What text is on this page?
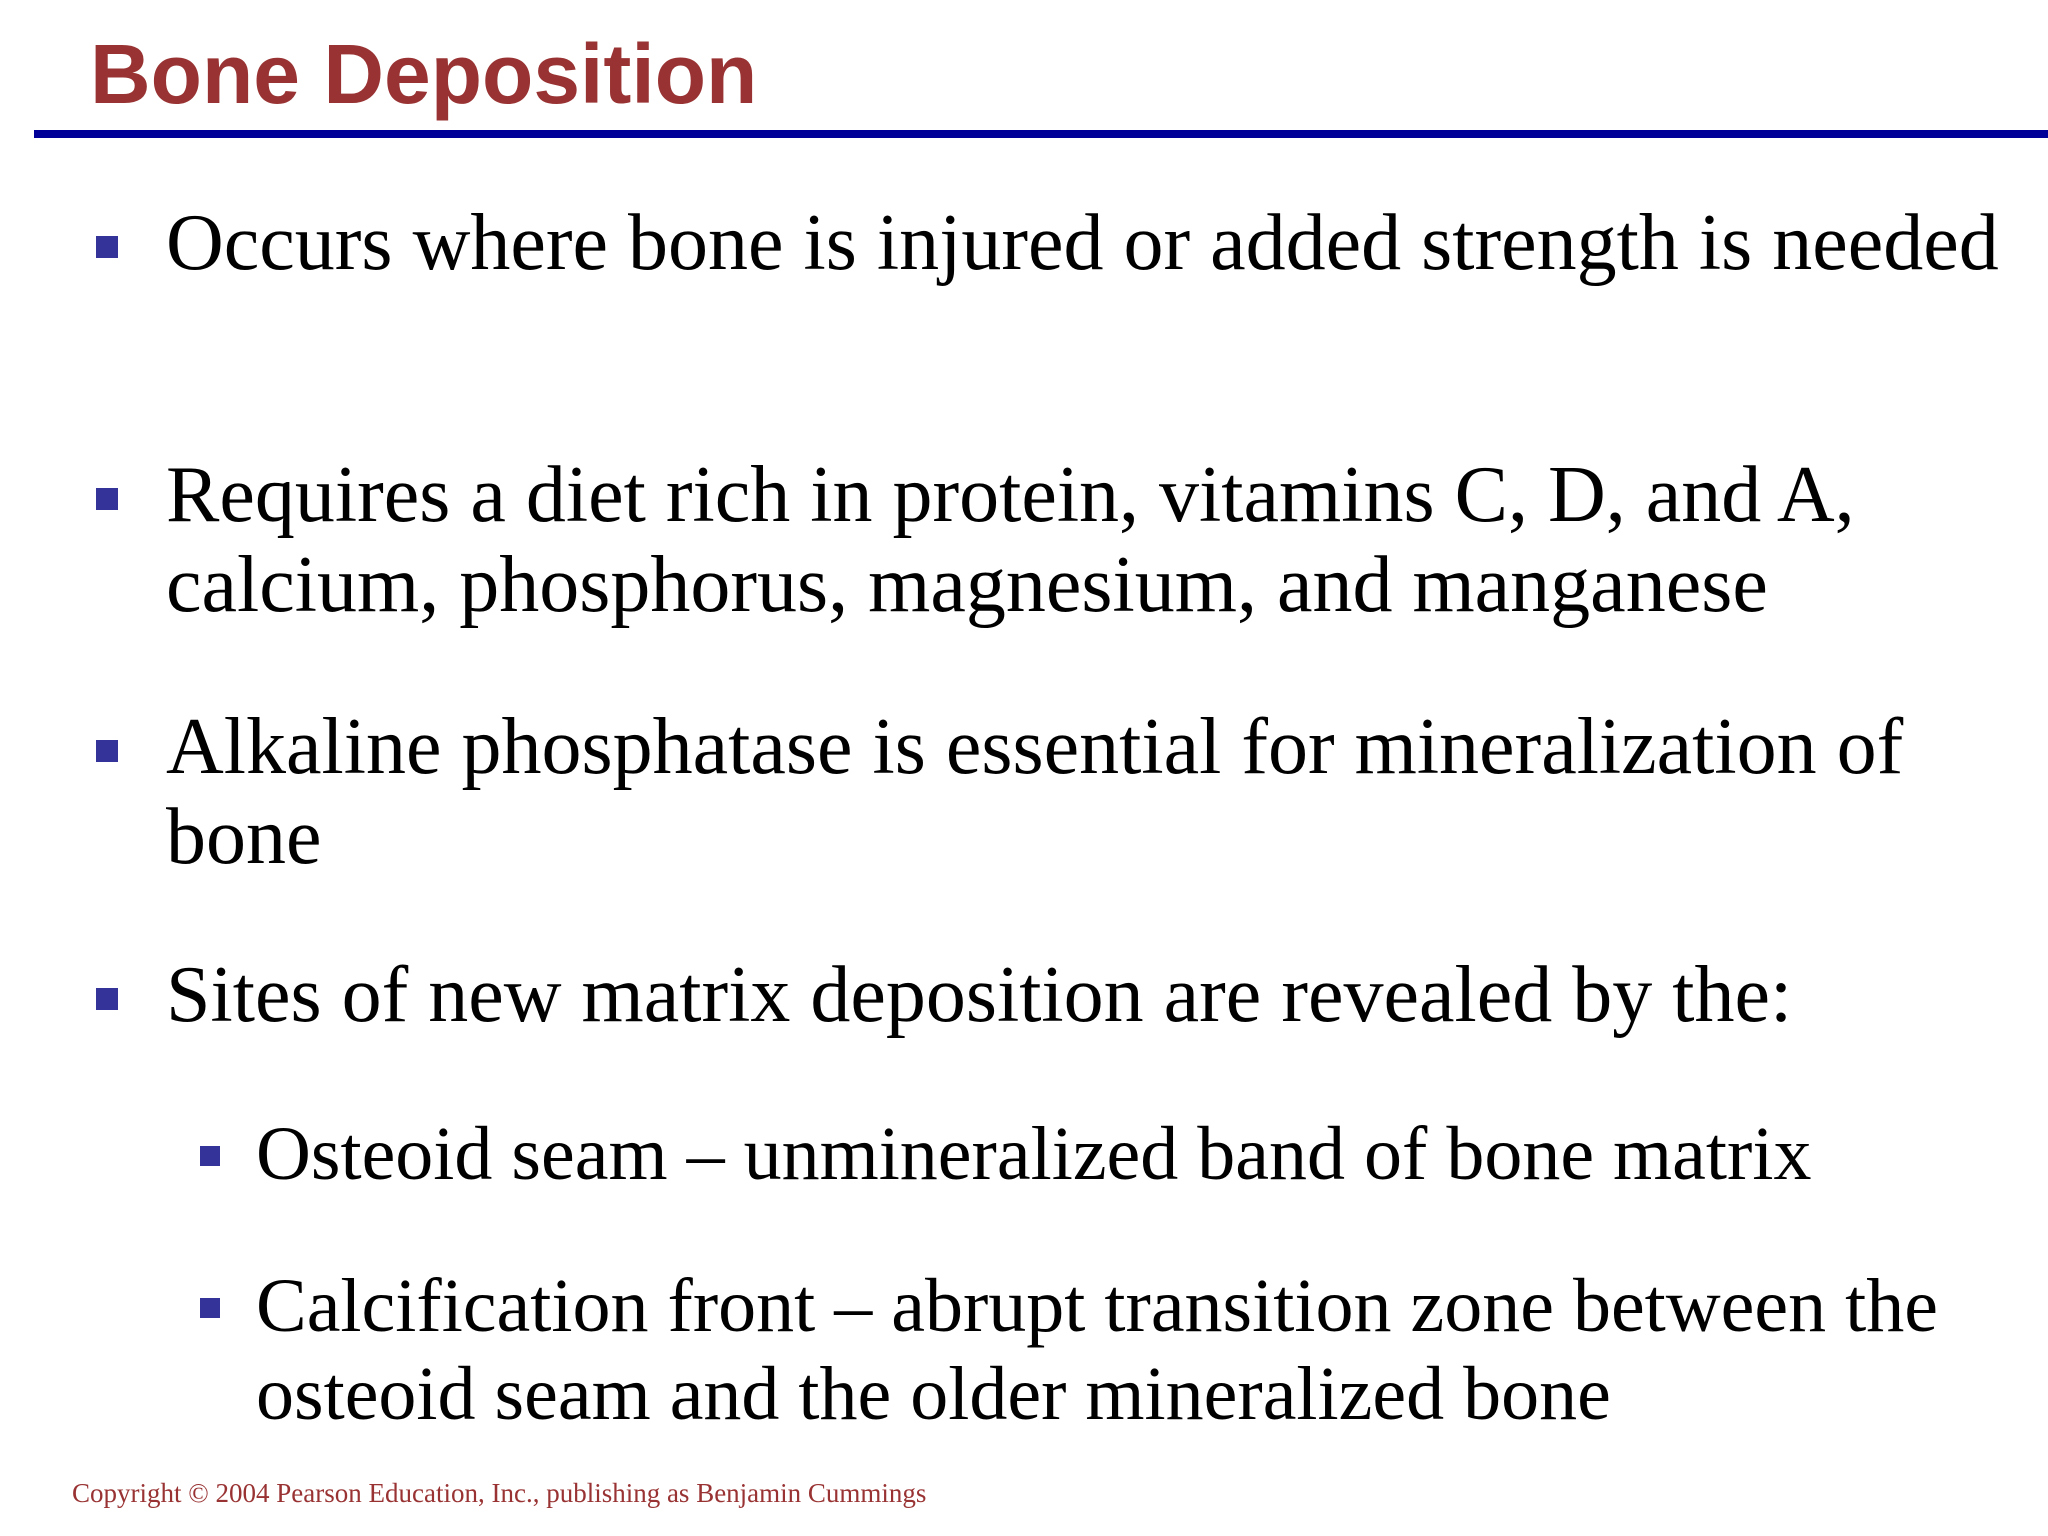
Bone Deposition
Occurs where bone is injured or added strength is needed
Requires a diet rich in protein, vitamins C, D, and A, calcium, phosphorus, magnesium, and manganese
Alkaline phosphatase is essential for mineralization of bone
Sites of new matrix deposition are revealed by the:
Osteoid seam – unmineralized band of bone matrix
Calcification front – abrupt transition zone between the osteoid seam and the older mineralized bone
Copyright © 2004 Pearson Education, Inc., publishing as Benjamin Cummings
